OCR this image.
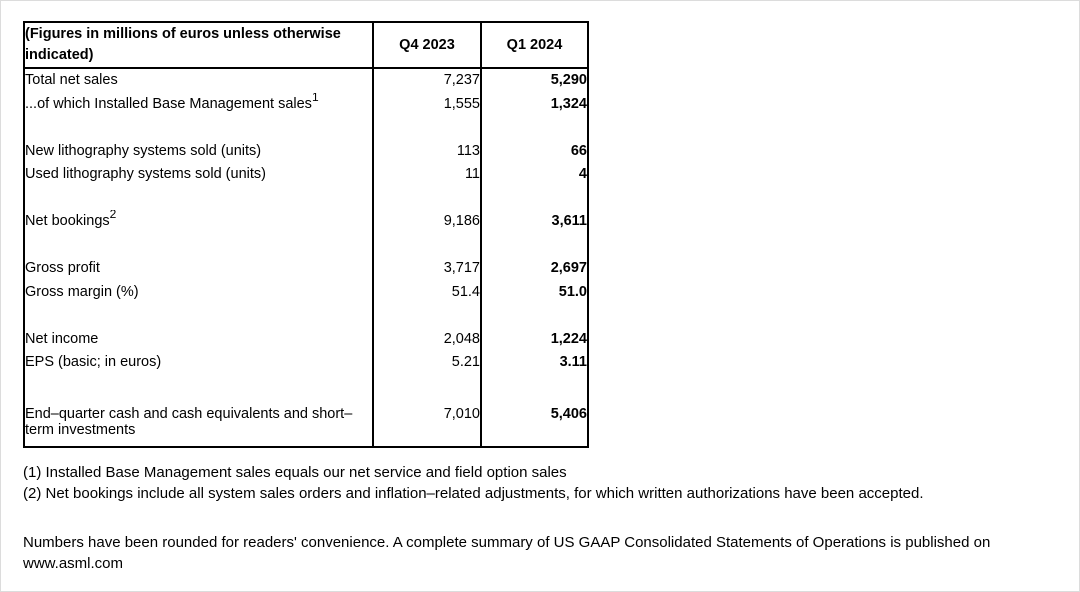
(Figures in millions of euros unless otherwise
indicated)	Q4 2023	Q1 2024
Total net sales	7,237	5,290
...of which Installed Base Management sales$^1$	1,555	1,324

New lithography systems sold (units)	113	66
Used lithography systems sold (units)	11	4

Net bookings$^2$	9,186	3,611

Gross profit	3,717	2,697
Gross margin (%)	51.4	51.0

Net income	2,048	1,224
EPS (basic; in euros)	5.21	3.11

End–quarter cash and cash equivalents and short–term investments	7,010	5,406
(1) Installed Base Management sales equals our net service and field option sales
(2) Net bookings include all system sales orders and inflation–related adjustments, for which written authorizations have been accepted.
Numbers have been rounded for readers' convenience. A complete summary of US GAAP Consolidated Statements of Operations is published on
www.asml.com
